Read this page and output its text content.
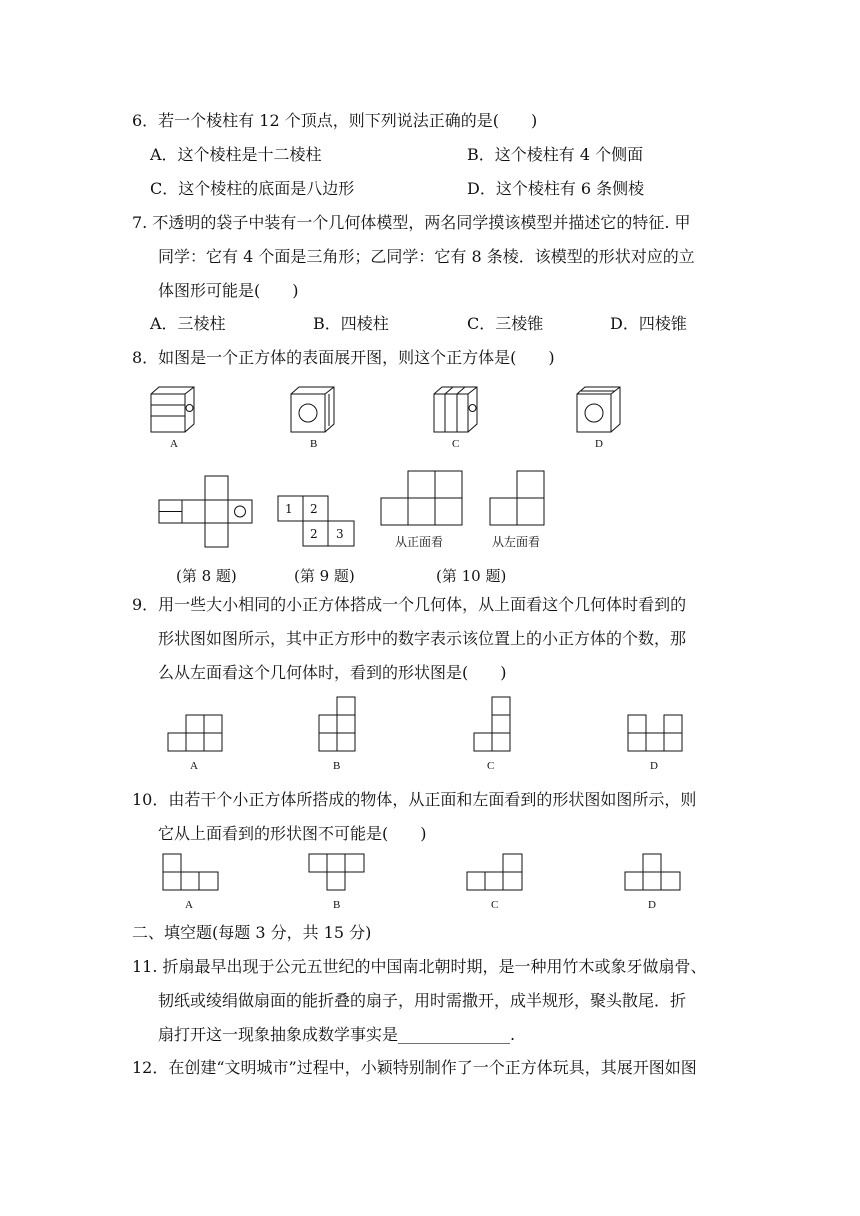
6．若一个棱柱有 12 个顶点，则下列说法正确的是(　　)
A．这个棱柱是十二棱柱	B．这个棱柱有 4 个侧面
C．这个棱柱的底面是八边形	D．这个棱柱有 6 条侧棱
7. 不透明的袋子中装有一个几何体模型，两名同学摸该模型并描述它的特征. 甲
同学：它有 4 个面是三角形；乙同学：它有 8 条棱．该模型的形状对应的立
体图形可能是(　　)
A．三棱柱	B．四棱柱	C．三棱锥	D．四棱锥
8．如图是一个正方体的表面展开图，则这个正方体是(　　)
A	B	C	D
1 2
2 3
从正面看	从左面看
(第 8 题)	(第 9 题)	(第 10 题)
9．用一些大小相同的小正方体搭成一个几何体，从上面看这个几何体时看到的
形状图如图所示，其中正方形中的数字表示该位置上的小正方体的个数，那
么从左面看这个几何体时，看到的形状图是(　　)
A	B	C	D
10．由若干个小正方体所搭成的物体，从正面和左面看到的形状图如图所示，则
它从上面看到的形状图不可能是(　　)
A	B	C	D
二、填空题(每题 3 分，共 15 分)
11. 折扇最早出现于公元五世纪的中国南北朝时期，是一种用竹木或象牙做扇骨、
韧纸或绫绢做扇面的能折叠的扇子，用时需撒开，成半规形，聚头散尾．折
扇打开这一现象抽象成数学事实是______________.
12．在创建“文明城市”过程中，小颖特别制作了一个正方体玩具，其展开图如图
